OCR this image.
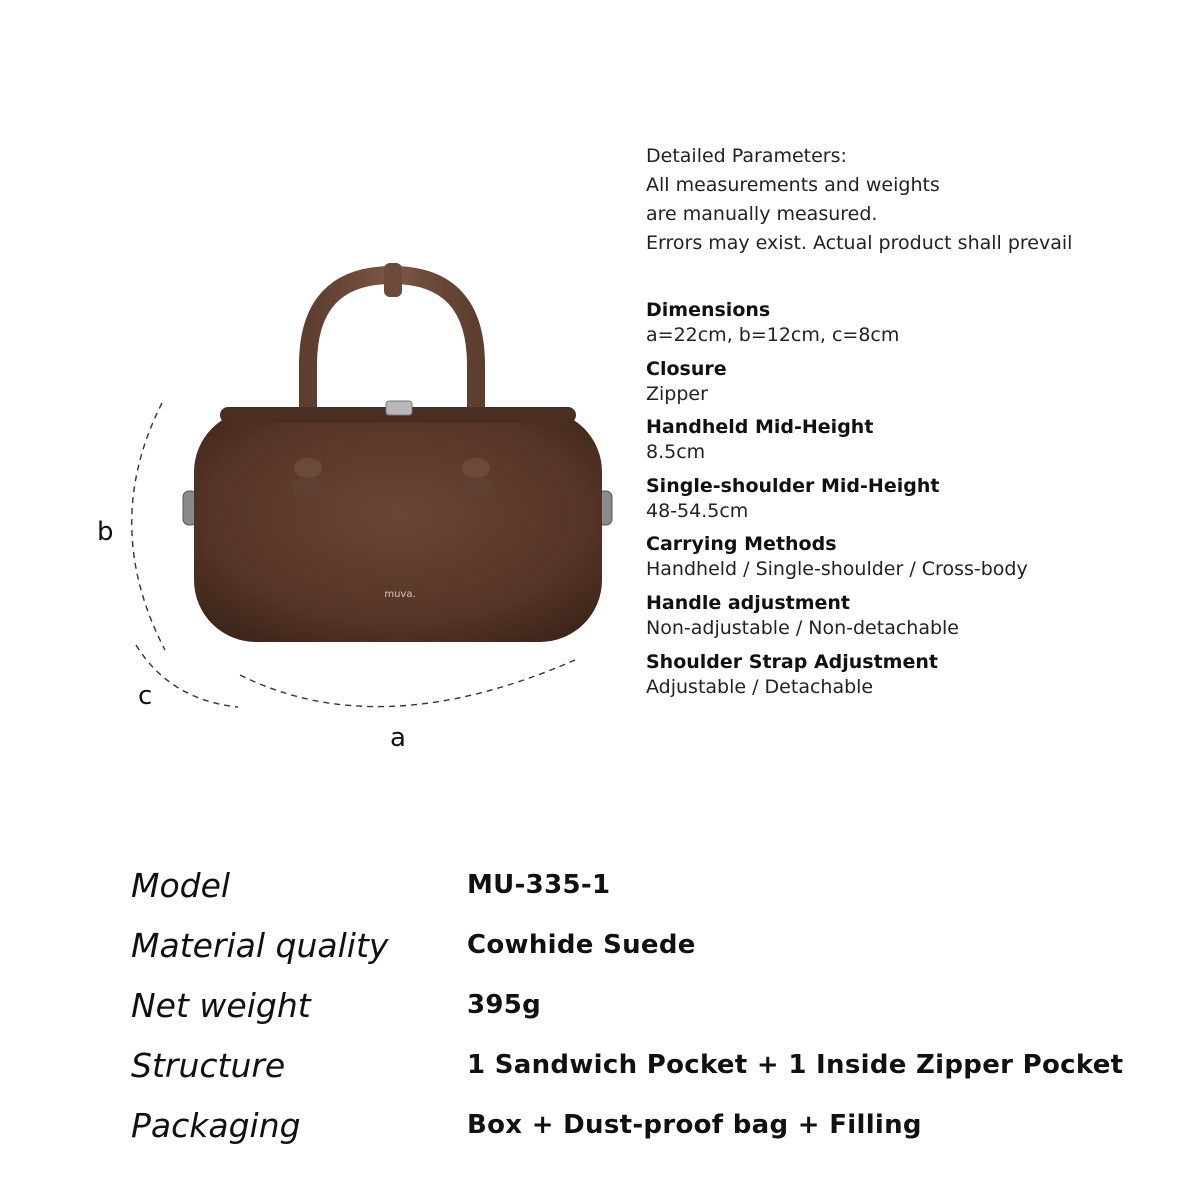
Detailed Parameters:
All measurements and weights
are manually measured.
Errors may exist. Actual product shall prevail
Dimensions
a=22cm, b=12cm, c=8cm
Closure
Zipper
Handheld Mid-Height
8.5cm
Single-shoulder Mid-Height
48-54.5cm
Carrying Methods
Handheld / Single-shoulder / Cross-body
Handle adjustment
Non-adjustable / Non-detachable
Shoulder Strap Adjustment
Adjustable / Detachable
muva.
b
c
a
Model	MU-335-1
Material quality	Cowhide Suede
Net weight	395g
Structure	1 Sandwich Pocket + 1 Inside Zipper Pocket
Packaging	Box + Dust-proof bag + Filling
